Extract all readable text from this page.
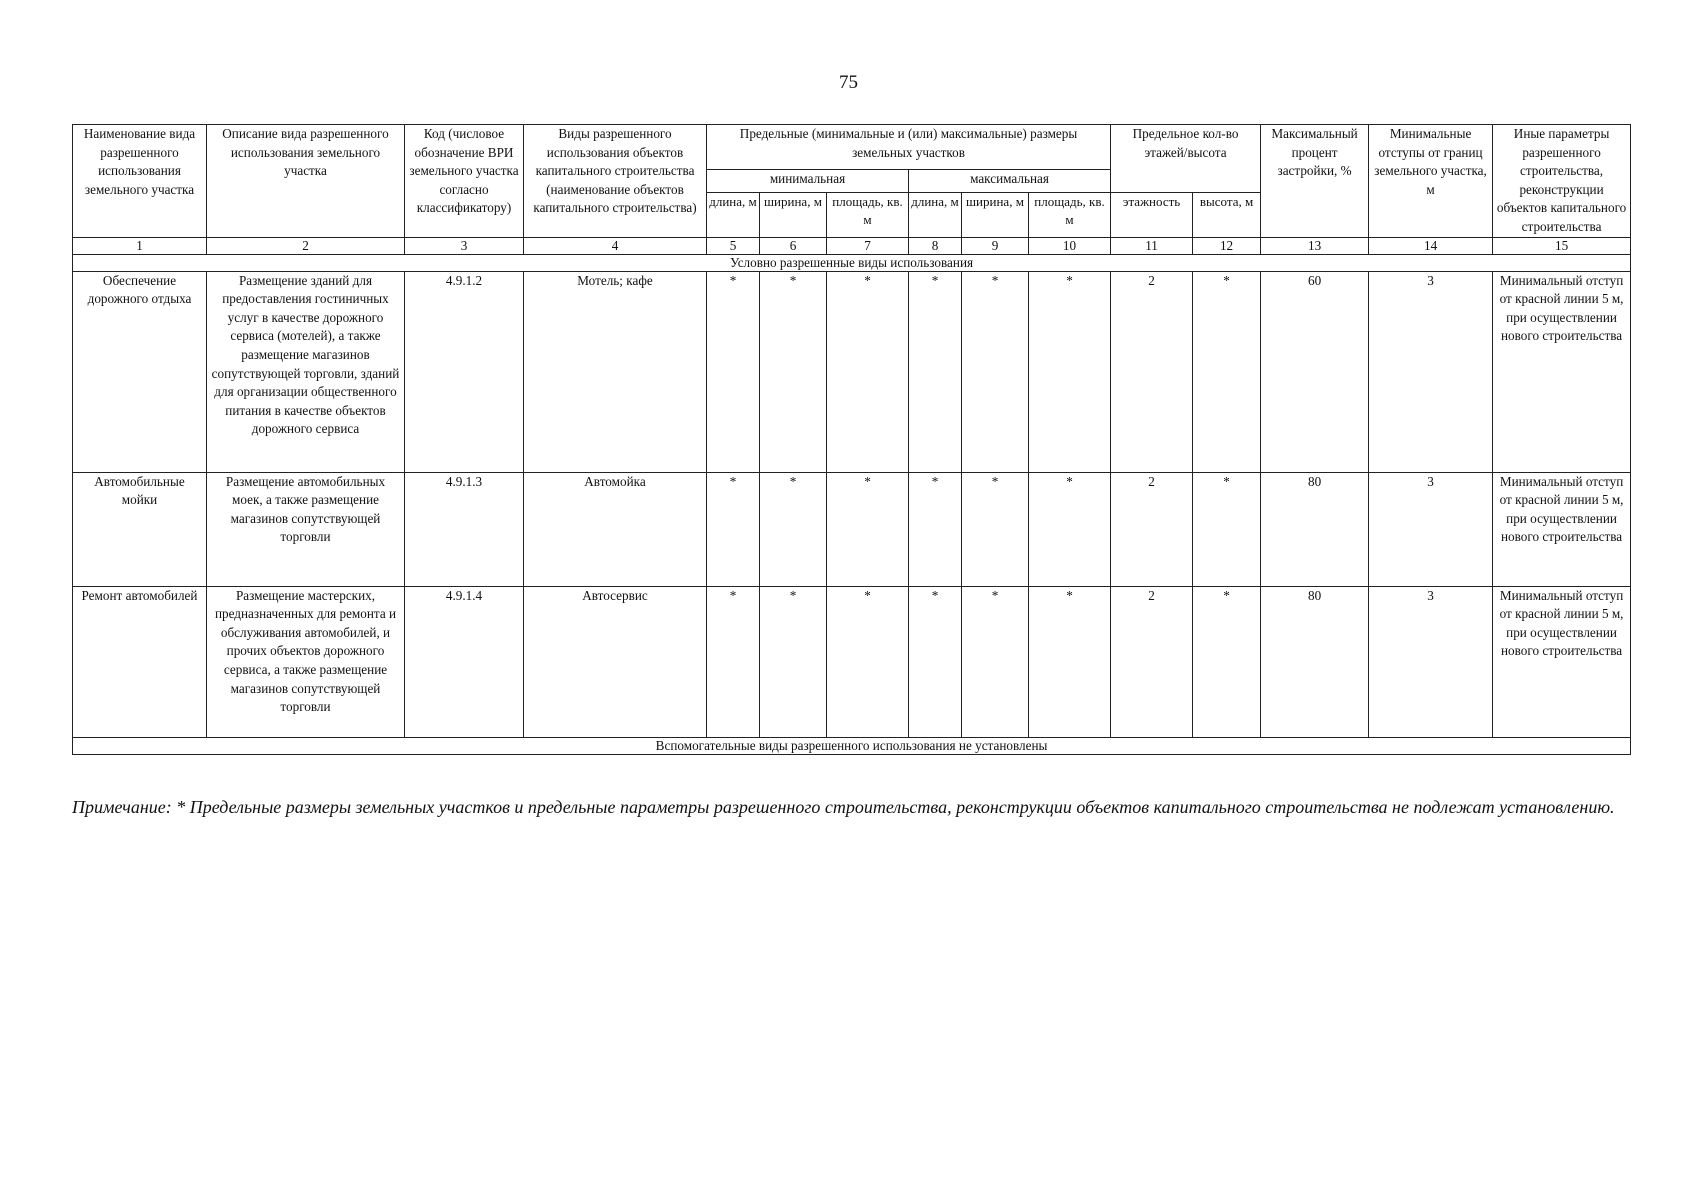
75
Наименование вида разрешенного использования земельного участка	Описание вида разрешенного использования земельного участка	Код (числовое обозначение ВРИ земельного участка согласно классификатору)	Виды разрешенного использования объектов капитального строительства (наименование объектов капитального строительства)	Предельные (минимальные и (или) максимальные) размеры земельных участков						Предельное кол-во этажей/высота		Максимальный процент застройки, %	Минимальные отступы от границ земельного участка, м	Иные параметры разрешенного строительства, реконструкции объектов капитального строительства
				минимальная			максимальная							
				длина, м	ширина, м	площадь, кв. м	длина, м	ширина, м	площадь, кв. м	этажность	высота, м			
1	2	3	4	5	6	7	8	9	10	11	12	13	14	15
Условно разрешенные виды использования														
Обеспечение дорожного отдыха	Размещение зданий для предоставления гостиничных услуг в качестве дорожного сервиса (мотелей), а также размещение магазинов сопутствующей торговли, зданий для организации общественного питания в качестве объектов дорожного сервиса	4.9.1.2	Мотель; кафе	*	*	*	*	*	*	2	*	60	3	Минимальный отступ от красной линии 5 м, при осуществлении нового строительства
Автомобильные мойки	Размещение автомобильных моек, а также размещение магазинов сопутствующей торговли	4.9.1.3	Автомойка	*	*	*	*	*	*	2	*	80	3	Минимальный отступ от красной линии 5 м, при осуществлении нового строительства
Ремонт автомобилей	Размещение мастерских, предназначенных для ремонта и обслуживания автомобилей, и прочих объектов дорожного сервиса, а также размещение магазинов сопутствующей торговли	4.9.1.4	Автосервис	*	*	*	*	*	*	2	*	80	3	Минимальный отступ от красной линии 5 м, при осуществлении нового строительства
Вспомогательные виды разрешенного использования не установлены														
Примечание: * Предельные размеры земельных участков и предельные параметры разрешенного строительства, реконструкции объектов капитального строительства не подлежат установлению.
